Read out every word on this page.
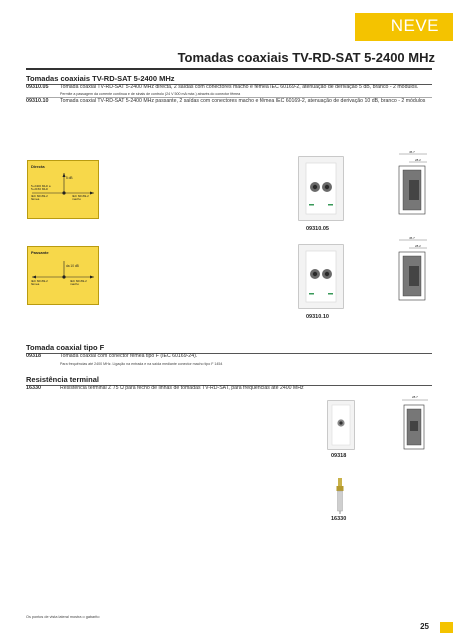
NEVE
Tomadas coaxiais TV-RD-SAT 5-2400 MHz
Tomadas coaxiais TV-RD-SAT 5-2400 MHz
09310.05 Tomada coaxial TV-RD-SAT 5-2400 MHz directa, 2 saídas com conectores macho e fêmea IEC 60169-2, atenuação de derivação 5 dB, branco - 2 módulos. Permite a passagem da corrente contínua e de sinais de controlo (24 V 500 mA máx.) através do conector fêmea
09310.10 Tomada coaxial TV-RD-SAT 5-2400 MHz passante, 2 saídas com conectores macho e fêmea IEC 60169-2, atenuação de derivação 10 dB, branco - 2 módulos
Directa
5 dB
5÷2400 MHz a
5÷2150 MHz
IEC 60169-2
fêmea
IEC 60169-2
macho
09310.05
45.7
28.2
Passante
da 10 dB
IEC 60169-2
fêmea
IEC 60169-2
macho
09310.10
45.7
28.2
Tomada coaxial tipo F
09318	Tomada coaxial com conector fêmea tipo F (IEC 60169-24).
Para frequências até 2400 MHz. Ligação na entrada e na saída mediante conector macho tipo F 1454
Resistência terminal
16330	Resistência terminal Z 75 Ω para fecho de linhas de tomadas TV-RD-SAT, para frequências até 2400 MHz
09318
28.7
16330
Os pontos de vista lateral mostra o gabarito
25
